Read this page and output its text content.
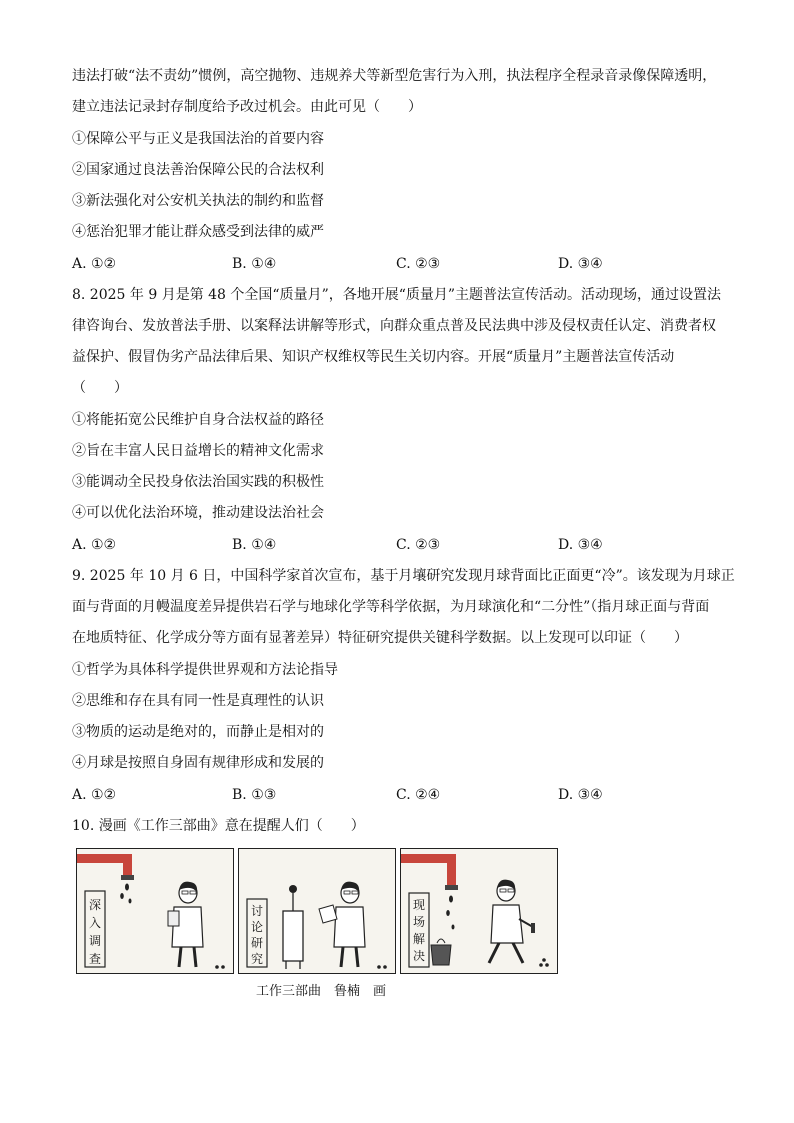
违法打破“法不责幼”惯例，高空抛物、违规养犬等新型危害行为入刑，执法程序全程录音录像保障透明，
建立违法记录封存制度给予改过机会。由此可见（　　）
①保障公平与正义是我国法治的首要内容
②国家通过良法善治保障公民的合法权利
③新法强化对公安机关执法的制约和监督
④惩治犯罪才能让群众感受到法律的威严
A. ①②	B. ①④	C. ②③	D. ③④
8. 2025 年 9 月是第 48 个全国“质量月”，各地开展“质量月”主题普法宣传活动。活动现场，通过设置法
律咨询台、发放普法手册、以案释法讲解等形式，向群众重点普及民法典中涉及侵权责任认定、消费者权
益保护、假冒伪劣产品法律后果、知识产权维权等民生关切内容。开展“质量月”主题普法宣传活动
（　　）
①将能拓宽公民维护自身合法权益的路径
②旨在丰富人民日益增长的精神文化需求
③能调动全民投身依法治国实践的积极性
④可以优化法治环境，推动建设法治社会
A. ①②	B. ①④	C. ②③	D. ③④
9. 2025 年 10 月 6 日，中国科学家首次宣布，基于月壤研究发现月球背面比正面更“冷”。该发现为月球正
面与背面的月幔温度差异提供岩石学与地球化学等科学依据，为月球演化和“二分性”（指月球正面与背面
在地质特征、化学成分等方面有显著差异）特征研究提供关键科学数据。以上发现可以印证（　　）
①哲学为具体科学提供世界观和方法论指导
②思维和存在具有同一性是真理性的认识
③物质的运动是绝对的，而静止是相对的
④月球是按照自身固有规律形成和发展的
A. ①②	B. ①③	C. ②④	D. ③④
10. 漫画《工作三部曲》意在提醒人们（　　）
深
入
调
查
讨
论
研
究
现
场
解
决
工作三部曲　鲁楠　画
